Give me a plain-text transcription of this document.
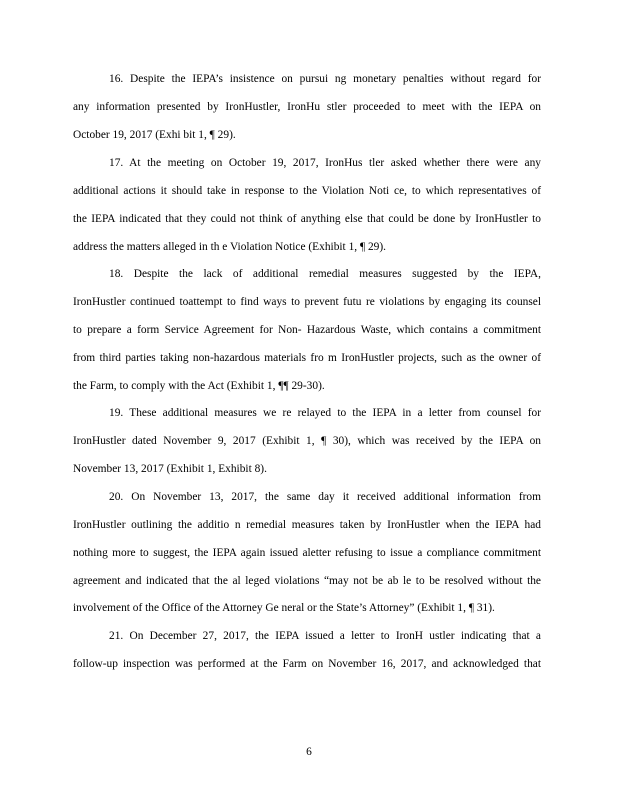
16. Despite the IEPA’s insistence on pursui ng monetary penalties without regard for
any information presented by IronHustler, IronHu stler proceeded to meet with the IEPA on
October 19, 2017 (Exhi bit 1, ¶ 29).
17. At the meeting on October 19, 2017, IronHus tler asked whether there were any
additional actions it should take in response to the Violation Noti ce, to which representatives of
the IEPA indicated that they could not think of anything else that could be done by IronHustler to
address the matters alleged in th e Violation Notice (Exhibit 1, ¶ 29).
18. Despite the lack of additional remedial measures suggested by the IEPA,
IronHustler continued toattempt to find ways to prevent futu re violations by engaging its counsel
to prepare a form Service Agreement for Non- Hazardous Waste, which contains a commitment
from third parties taking non-hazardous materials fro m IronHustler projects, such as the owner of
the Farm, to comply with the Act (Exhibit 1, ¶¶ 29-30).
19. These additional measures we re relayed to the IEPA in a letter from counsel for
IronHustler dated November 9, 2017 (Exhibit 1, ¶ 30), which was received by the IEPA on
November 13, 2017 (Exhibit 1, Exhibit 8).
20. On November 13, 2017, the same day it received additional information from
IronHustler outlining the additio n remedial measures taken by IronHustler when the IEPA had
nothing more to suggest, the IEPA again issued aletter refusing to issue a compliance commitment
agreement and indicated that the al leged violations “may not be ab le to be resolved without the
involvement of the Office of the Attorney Ge neral or the State’s Attorney” (Exhibit 1, ¶ 31).
21. On December 27, 2017, the IEPA issued a letter to IronH ustler indicating that a
follow-up inspection was performed at the Farm on November 16, 2017, and acknowledged that
6
